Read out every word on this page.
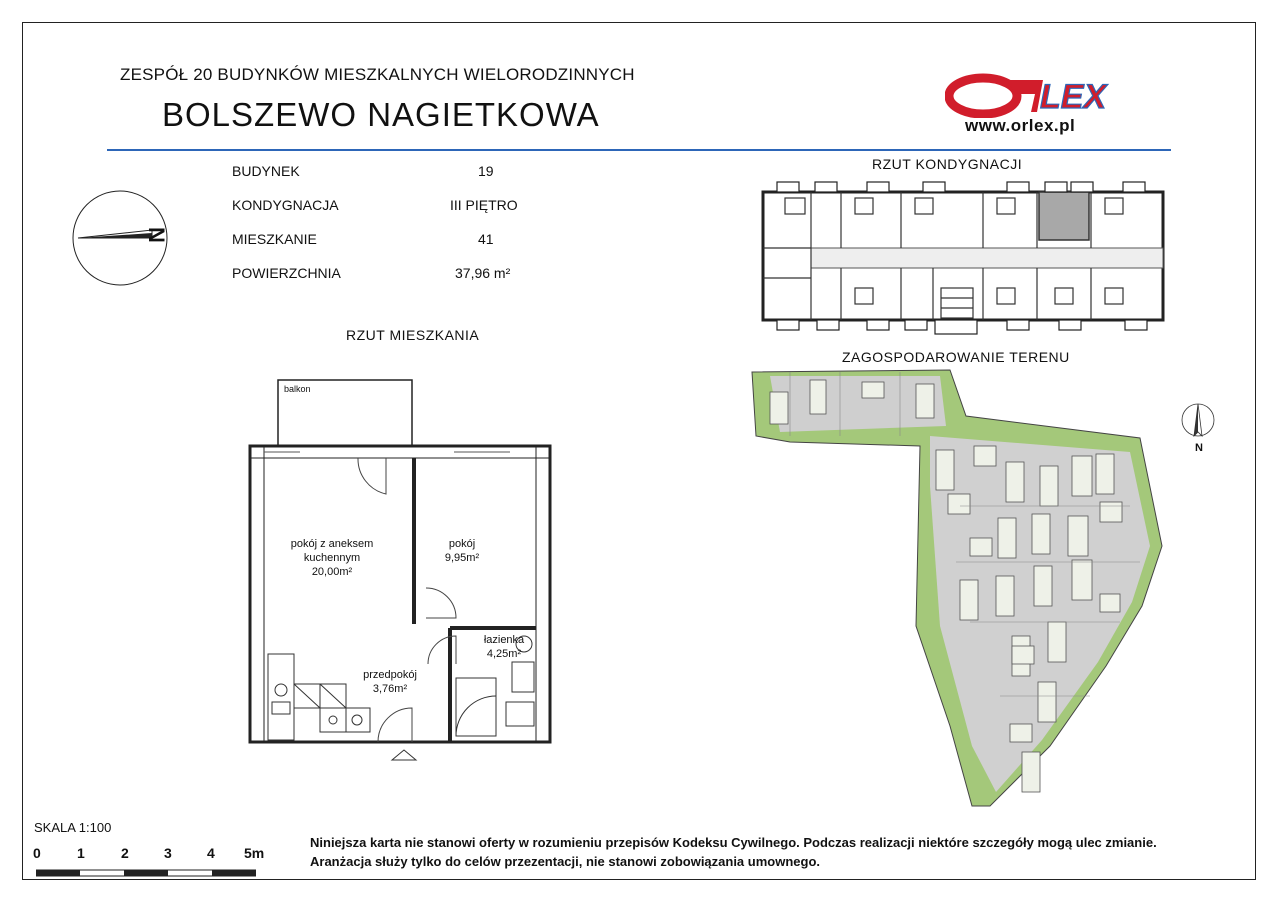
ZESPÓŁ 20 BUDYNKÓW MIESZKALNYCH WIELORODZINNYCH
BOLSZEWO NAGIETKOWA	LEX
www.orlex.pl
N
BUDYNEK	19
KONDYGNACJA	III PIĘTRO
MIESZKANIE	41
POWIERZCHNIA	37,96 m²
RZUT KONDYGNACJI
RZUT MIESZKANIA
ZAGOSPODAROWANIE TERENU
balkon
pokój z aneksem
kuchennym
20,00m²
pokój
9,95m²
łazienka
4,25m²
przedpokój
3,76m²
N
SKALA 1:100
0	1	2	3	4 5m
Niniejsza karta nie stanowi oferty w rozumieniu przepisów Kodeksu Cywilnego. Podczas realizacji niektóre szczegóły mogą ulec zmianie.
Aranżacja służy tylko do celów przezentacji, nie stanowi zobowiązania umownego.
